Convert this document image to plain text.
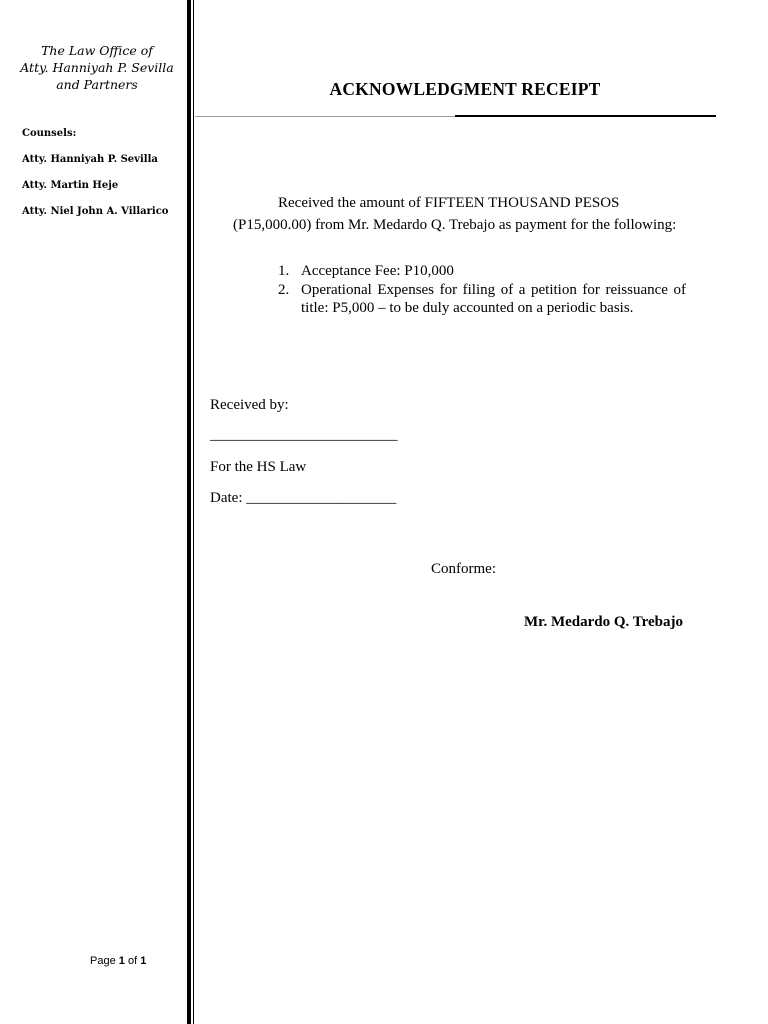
The Law Office of
Atty. Hanniyah P. Sevilla
and Partners
Counsels:
Atty. Hanniyah P. Sevilla
Atty. Martin Heje
Atty. Niel John A. Villarico
Page 1 of 1
ACKNOWLEDGMENT RECEIPT
Received the amount of FIFTEEN THOUSAND PESOS (P15,000.00) from Mr. Medardo Q. Trebajo as payment for the following:
1. Acceptance Fee: P10,000
2. Operational Expenses for filing of a petition for reissuance of title: P5,000 – to be duly accounted on a periodic basis.
Received by:
_________________________
For the HS Law
Date: ____________________
Conforme:
Mr. Medardo Q. Trebajo
